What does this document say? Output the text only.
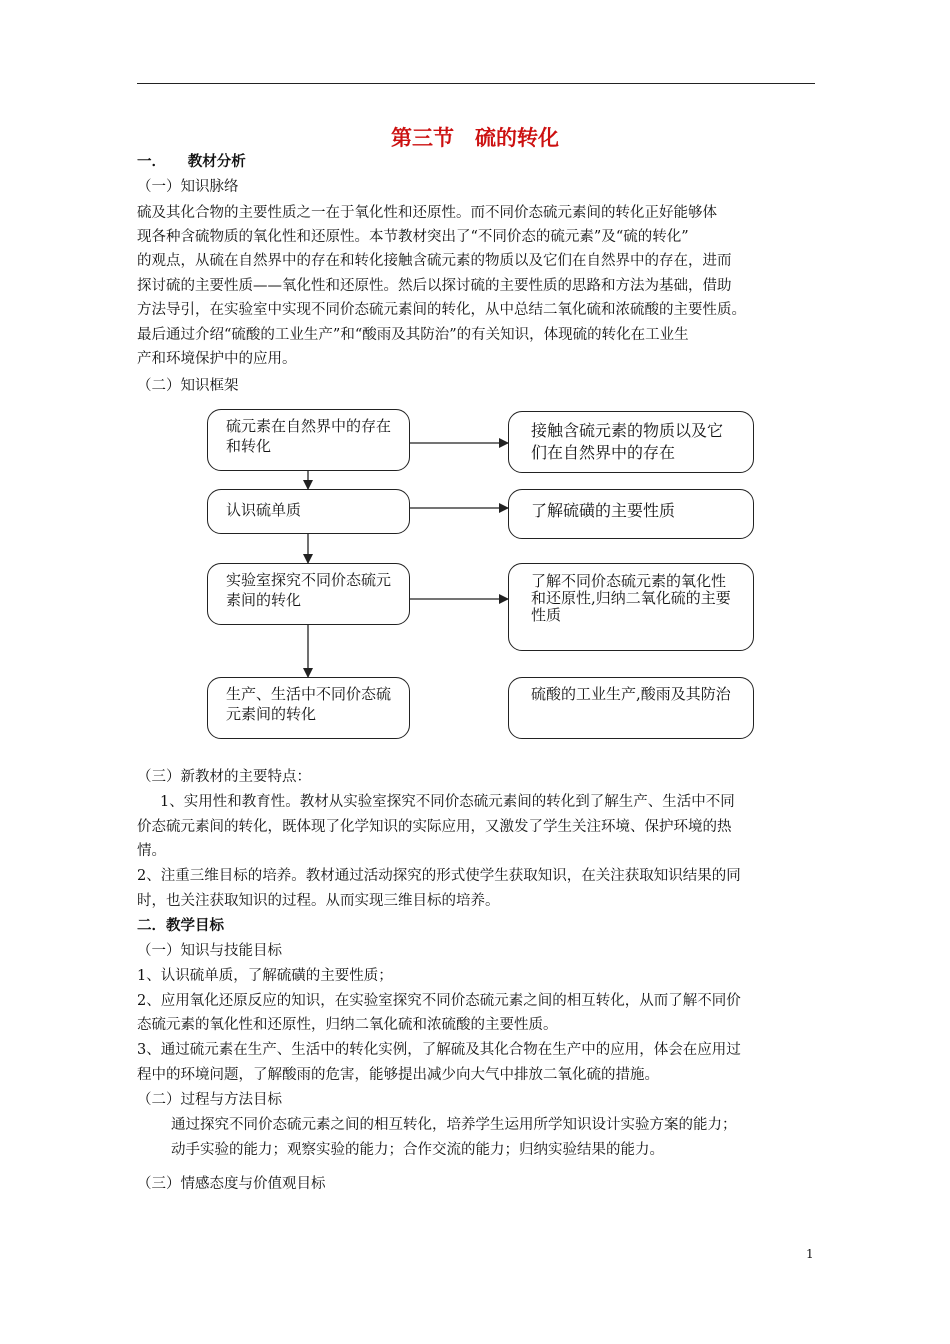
第三节　硫的转化
一．　　教材分析
（一）知识脉络
硫及其化合物的主要性质之一在于氧化性和还原性。而不同价态硫元素间的转化正好能够体
现各种含硫物质的氧化性和还原性。本节教材突出了“不同价态的硫元素”及“硫的转化”
的观点，从硫在自然界中的存在和转化接触含硫元素的物质以及它们在自然界中的存在，进而
探讨硫的主要性质——氧化性和还原性。然后以探讨硫的主要性质的思路和方法为基础，借助
方法导引，在实验室中实现不同价态硫元素间的转化，从中总结二氧化硫和浓硫酸的主要性质。
最后通过介绍“硫酸的工业生产”和“酸雨及其防治”的有关知识，体现硫的转化在工业生
产和环境保护中的应用。
（二）知识框架
硫元素在自然界中的存在和转化
认识硫单质
实验室探究不同价态硫元素间的转化
生产、生活中不同价态硫元素间的转化
接触含硫元素的物质以及它们在自然界中的存在
了解硫磺的主要性质
了解不同价态硫元素的氧化性和还原性,归纳二氧化硫的主要性质
硫酸的工业生产,酸雨及其防治
（三）新教材的主要特点：
1、实用性和教育性。教材从实验室探究不同价态硫元素间的转化到了解生产、生活中不同
价态硫元素间的转化，既体现了化学知识的实际应用，又激发了学生关注环境、保护环境的热
情。
2、注重三维目标的培养。教材通过活动探究的形式使学生获取知识，在关注获取知识结果的同
时，也关注获取知识的过程。从而实现三维目标的培养。
二．教学目标
（一）知识与技能目标
1、认识硫单质，了解硫磺的主要性质；
2、应用氧化还原反应的知识，在实验室探究不同价态硫元素之间的相互转化，从而了解不同价
态硫元素的氧化性和还原性，归纳二氧化硫和浓硫酸的主要性质。
3、通过硫元素在生产、生活中的转化实例，了解硫及其化合物在生产中的应用，体会在应用过
程中的环境问题，了解酸雨的危害，能够提出减少向大气中排放二氧化硫的措施。
（二）过程与方法目标
通过探究不同价态硫元素之间的相互转化，培养学生运用所学知识设计实验方案的能力；
动手实验的能力；观察实验的能力；合作交流的能力；归纳实验结果的能力。
（三）情感态度与价值观目标
1
